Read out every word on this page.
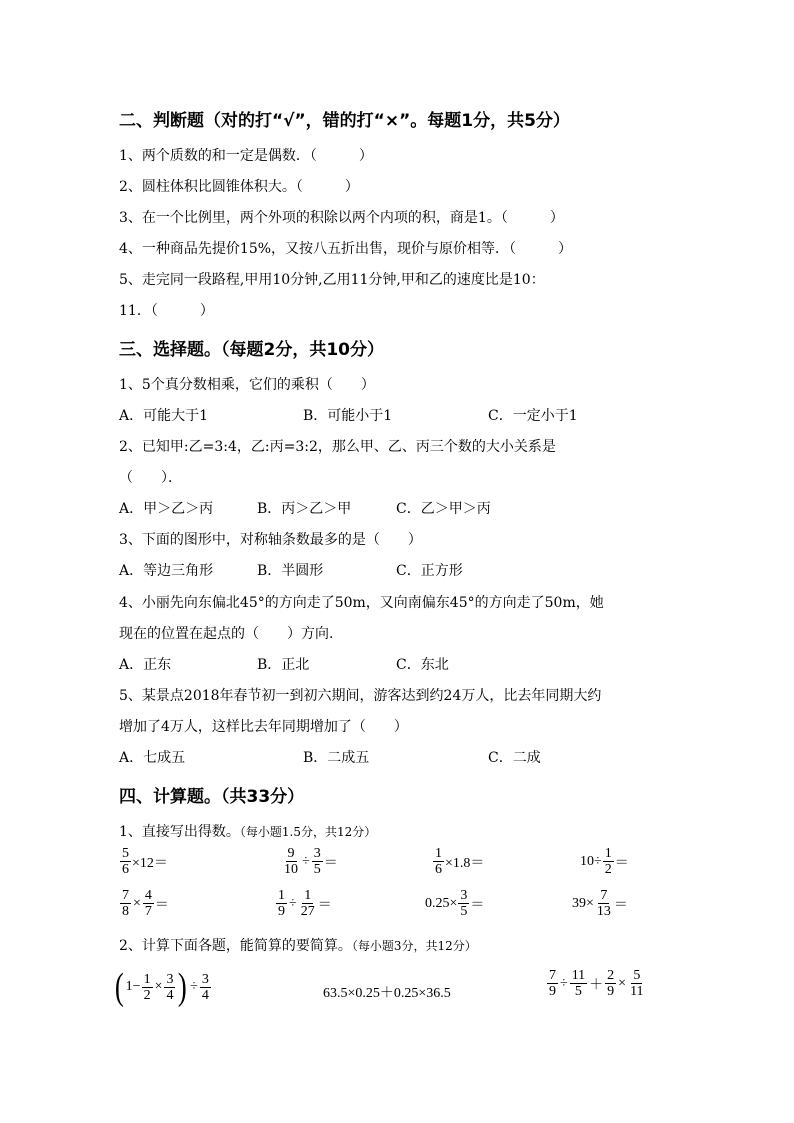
二、判断题（对的打“√”，错的打“×”。每题1分，共5分）
1、两个质数的和一定是偶数．（　　　）
2、圆柱体积比圆锥体积大。（　　　）
3、在一个比例里，两个外项的积除以两个内项的积，商是1。（　　　）
4、一种商品先提价15%，又按八五折出售，现价与原价相等．（　　　）
5、走完同一段路程,甲用10分钟,乙用11分钟,甲和乙的速度比是10：
11．（　　　）
三、选择题。（每题2分，共10分）
1、5个真分数相乘，它们的乘积（　　）
A．可能大于1	B．可能小于1	C．一定小于1
2、已知甲:乙=3:4，乙:丙=3:2，那么甲、乙、丙三个数的大小关系是
（　　）．
A．甲＞乙＞丙	B．丙＞乙＞甲	C．乙＞甲＞丙
3、下面的图形中，对称轴条数最多的是（　　）
A．等边三角形	B．半圆形	C．正方形
4、小丽先向东偏北45°的方向走了50m，又向南偏东45°的方向走了50m，她
现在的位置在起点的（　　）方向.
A．正东	B．正北	C．东北
5、某景点2018年春节初一到初六期间，游客达到约24万人，比去年同期大约
增加了4万人，这样比去年同期增加了（　　）
A．七成五	B．二成五	C．二成
四、计算题。（共33分）
1、直接写出得数。（每小题1.5分，共12分）
$\frac{5}{6} \times 12=$	$\frac{9}{10} \div \frac{3}{5}$ ＝	$\frac{1}{6} \times 1.8=$	$10\div \frac{1}{2}$ ＝
$\frac{7}{8} \times \frac{4}{7}$ ＝	$\frac{1}{9} \div \frac{1}{27}$ ＝	$0.25\times \frac{3}{5}$ ＝	$39\times \frac{7}{13}$ ＝
2、计算下面各题，能简算的要简算。（每小题3分，共12分）
( $1- \frac{1}{2} \times \frac{3}{4}$ ) ÷ $\frac{3}{4}$	63.5×0.25＋0.25×36.5	$\frac{7}{9} \div \frac{11}{5} + \frac{2}{9} \times \frac{5}{11}$
